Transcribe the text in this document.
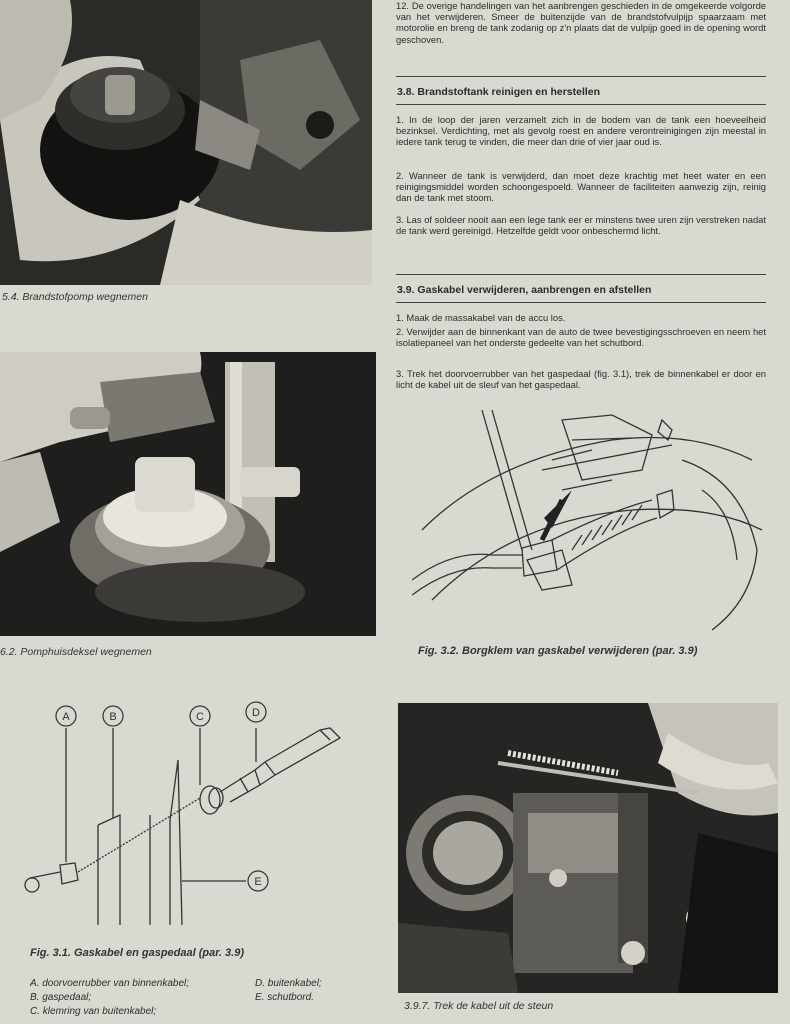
5.4. Brandstofpomp wegnemen
6.2. Pomphuisdeksel wegnemen

12. De overige handelingen van het aanbrengen geschieden in de omgekeerde volgorde van het verwijderen. Smeer de buitenzijde van de brandstofvulpijp spaarzaam met motorolie en breng de tank zodanig op z'n plaats dat de vulpijp goed in de opening wordt geschoven.

3.8. Brandstoftank reinigen en herstellen

1. In de loop der jaren verzamelt zich in de bodem van de tank een hoeveelheid bezinksel. Verdichting, met als gevolg roest en andere verontreinigingen zijn meestal in iedere tank terug te vinden, die meer dan drie of vier jaar oud is.

2. Wanneer de tank is verwijderd, dan moet deze krachtig met heet water en een reinigingsmiddel worden schoongespoeld. Wanneer de faciliteiten aanwezig zijn, reinig dan de tank met stoom.

3. Las of soldeer nooit aan een lege tank eer er minstens twee uren zijn verstreken nadat de tank werd gereinigd. Hetzelfde geldt voor onbeschermd licht.

3.9. Gaskabel verwijderen, aanbrengen en afstellen

1. Maak de massakabel van de accu los.

2. Verwijder aan de binnenkant van de auto de twee bevestigingsschroeven en neem het isolatiepaneel van het onderste gedeelte van het schutbord.

3. Trek het doorvoerrubber van het gaspedaal (fig. 3.1), trek de binnenkabel er door en licht de kabel uit de sleuf van het gaspedaal.

Fig. 3.2. Borgklem van gaskabel verwijderen (par. 3.9)
A	B	C	D
E
Fig. 3.1. Gaskabel en gaspedaal (par. 3.9)
A. doorvoerrubber van binnenkabel;
B. gaspedaal;
C. klemring van buitenkabel;
D. buitenkabel;
E. schutbord.
3.9.7. Trek de kabel uit de steun
